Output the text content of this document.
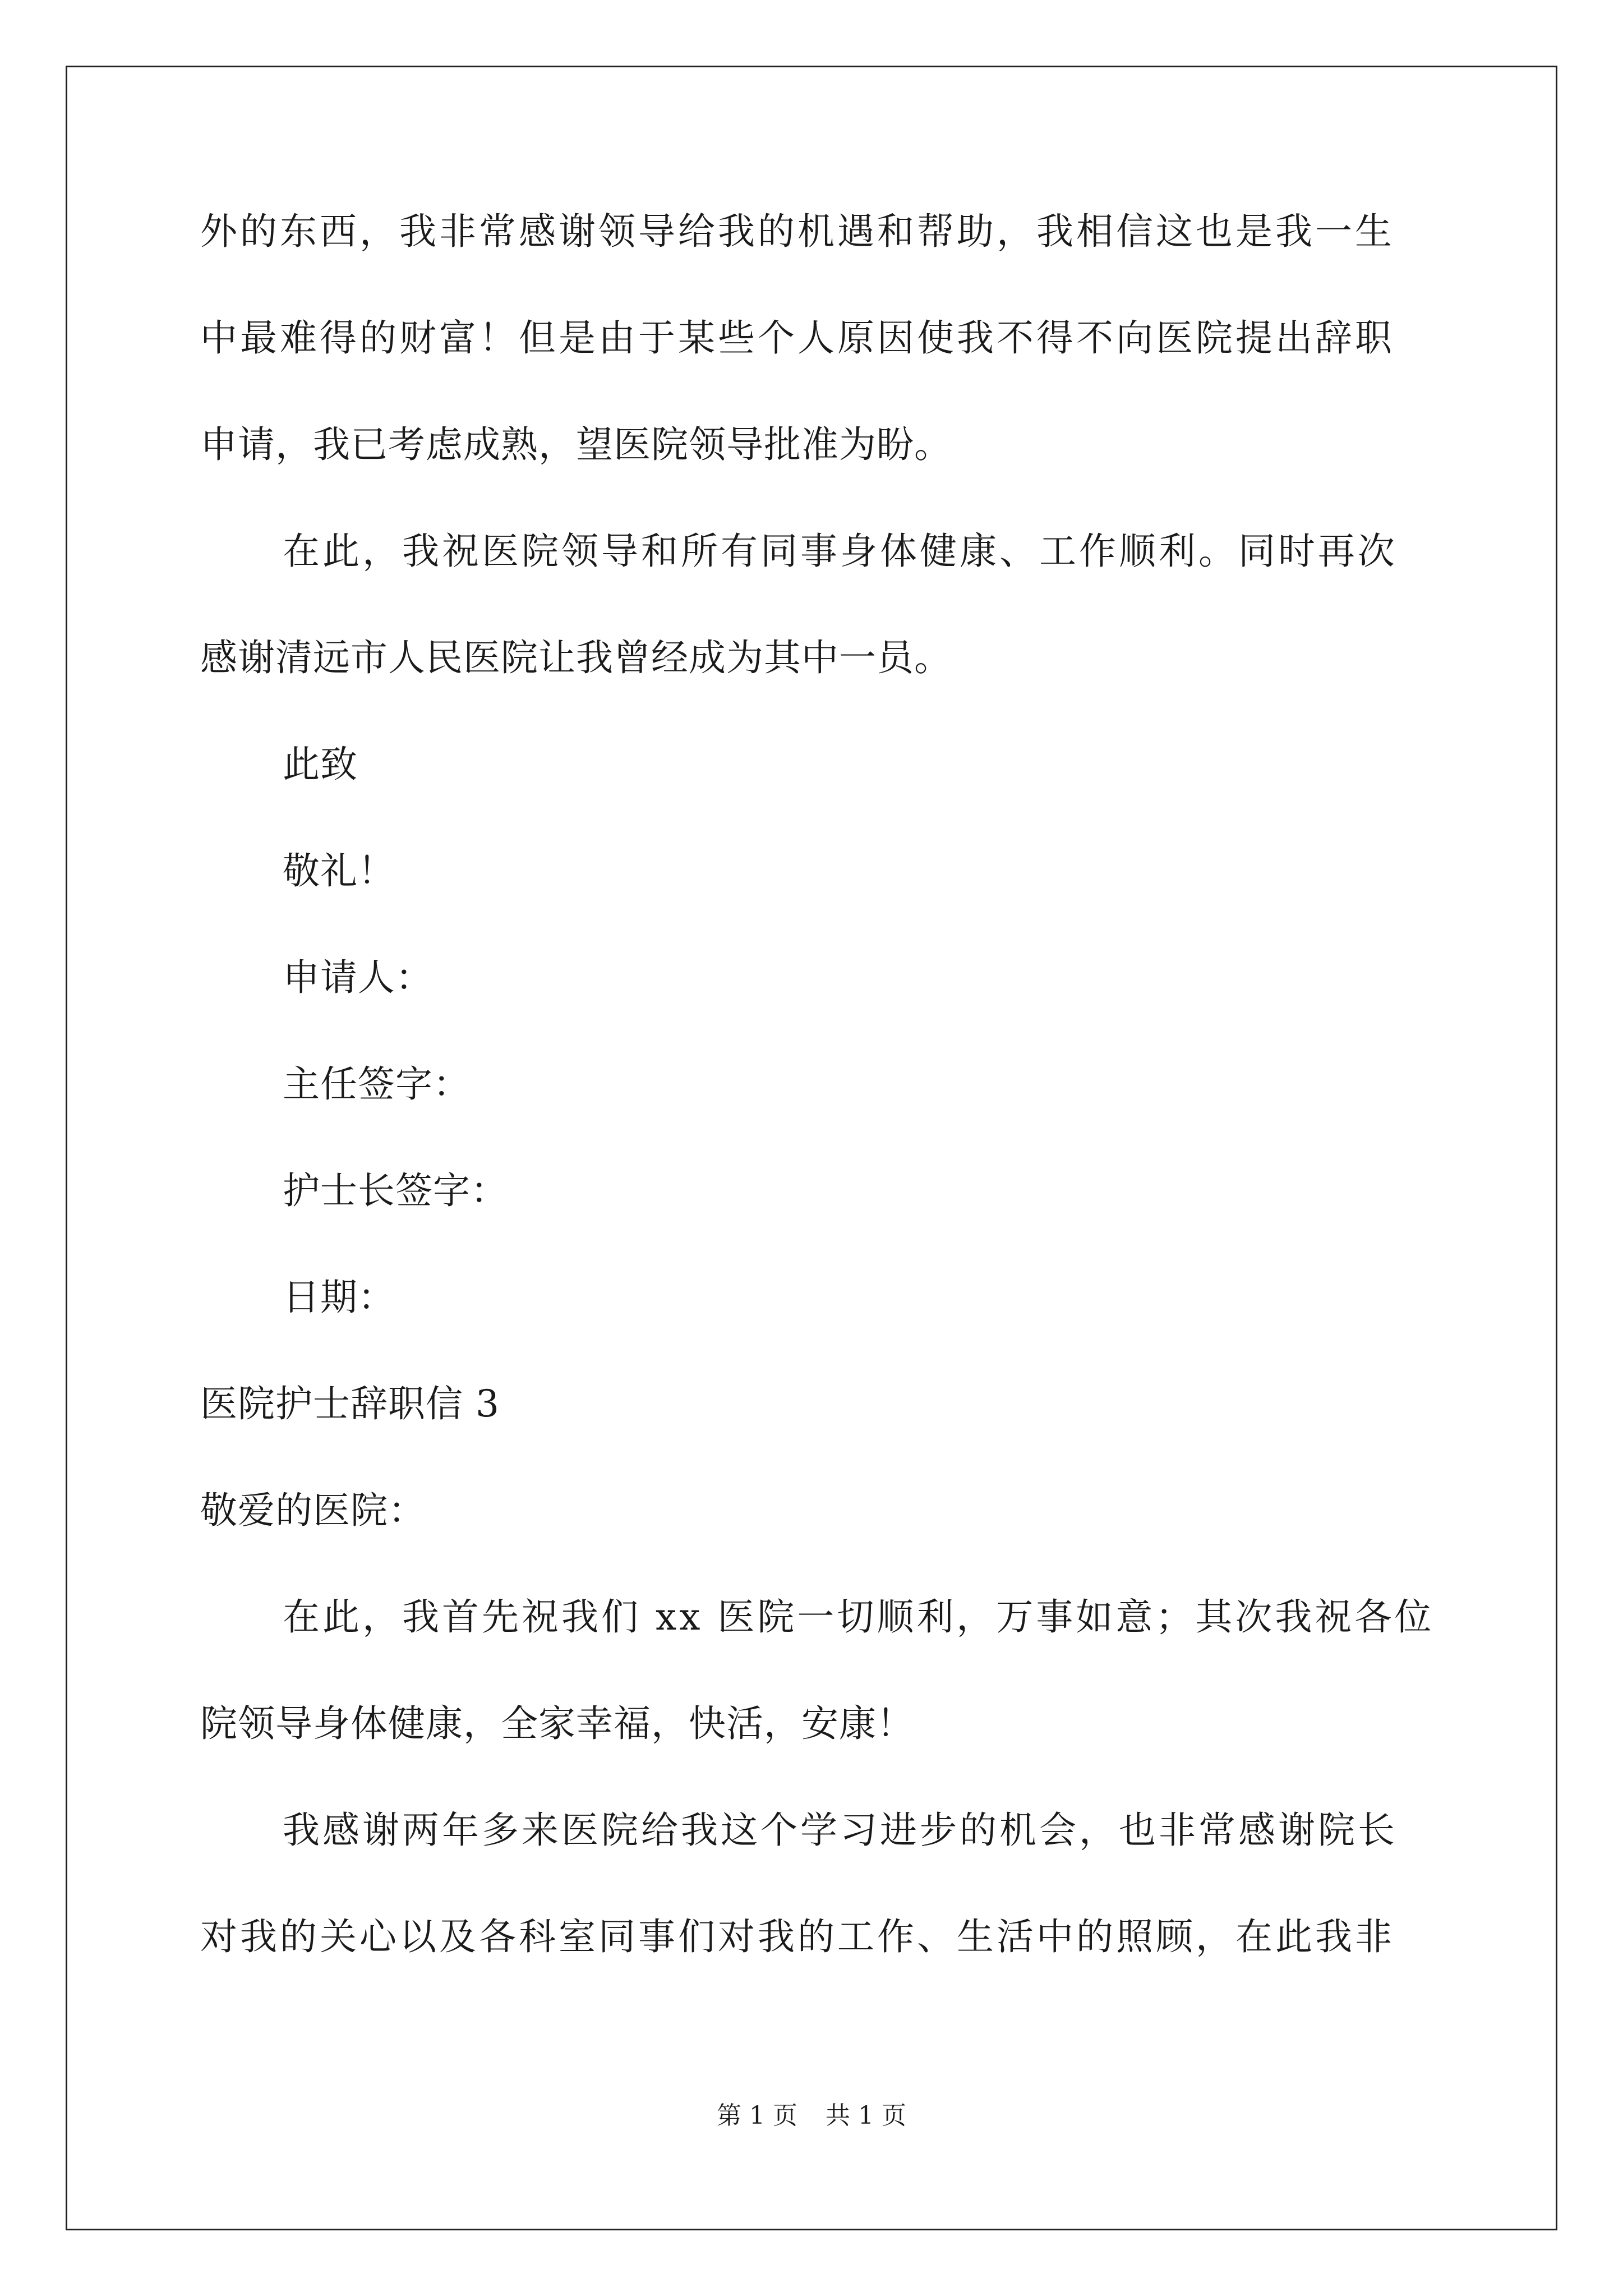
外的东西，我非常感谢领导给我的机遇和帮助，我相信这也是我一生
中最难得的财富！但是由于某些个人原因使我不得不向医院提出辞职
申请，我已考虑成熟，望医院领导批准为盼。
在此，我祝医院领导和所有同事身体健康、工作顺利。同时再次
感谢清远市人民医院让我曾经成为其中一员。
此致
敬礼！
申请人：
主任签字：
护士长签字：
日期：
医院护士辞职信 3
敬爱的医院：
在此，我首先祝我们 xx 医院一切顺利，万事如意；其次我祝各位
院领导身体健康，全家幸福，快活，安康！
我感谢两年多来医院给我这个学习进步的机会，也非常感谢院长
对我的关心以及各科室同事们对我的工作、生活中的照顾，在此我非
第 1 页 共 1 页
